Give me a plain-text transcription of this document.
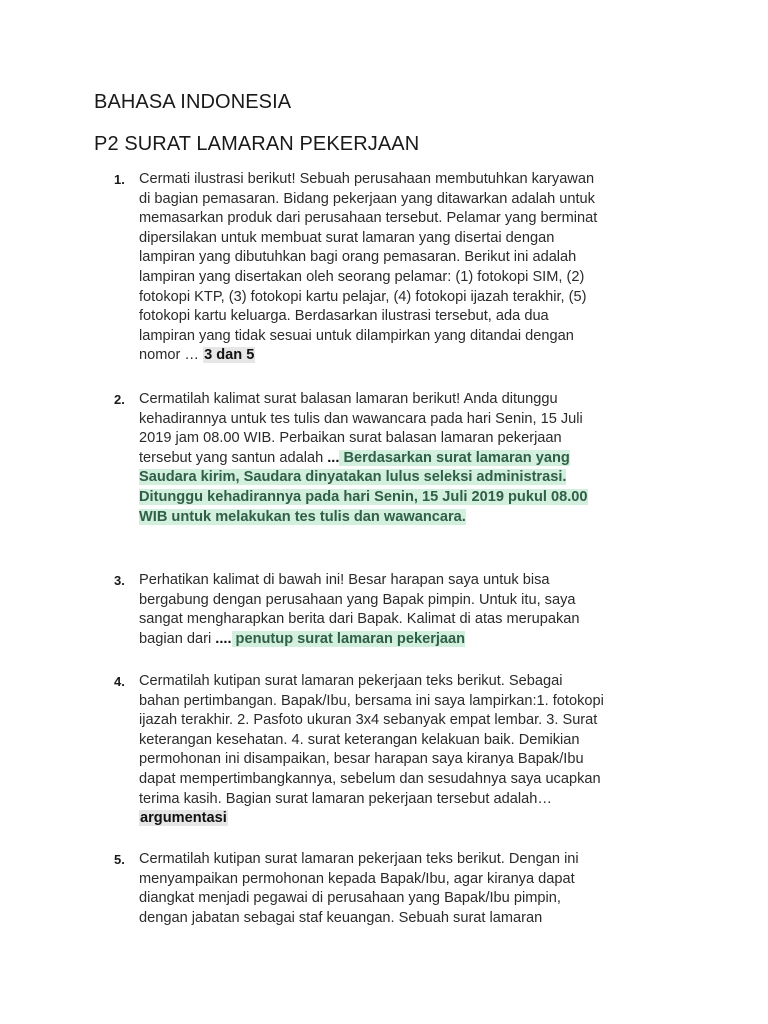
BAHASA INDONESIA
P2 SURAT LAMARAN PEKERJAAN
1. Cermati ilustrasi berikut! Sebuah perusahaan membutuhkan karyawan
di bagian pemasaran. Bidang pekerjaan yang ditawarkan adalah untuk
memasarkan produk dari perusahaan tersebut. Pelamar yang berminat
dipersilakan untuk membuat surat lamaran yang disertai dengan
lampiran yang dibutuhkan bagi orang pemasaran. Berikut ini adalah
lampiran yang disertakan oleh seorang pelamar: (1) fotokopi SIM, (2)
fotokopi KTP, (3) fotokopi kartu pelajar, (4) fotokopi ijazah terakhir, (5)
fotokopi kartu keluarga. Berdasarkan ilustrasi tersebut, ada dua
lampiran yang tidak sesuai untuk dilampirkan yang ditandai dengan
nomor … 3 dan 5
2. Cermatilah kalimat surat balasan lamaran berikut! Anda ditunggu
kehadirannya untuk tes tulis dan wawancara pada hari Senin, 15 Juli
2019 jam 08.00 WIB. Perbaikan surat balasan lamaran pekerjaan
tersebut yang santun adalah ... Berdasarkan surat lamaran yang
Saudara kirim, Saudara dinyatakan lulus seleksi administrasi.
Ditunggu kehadirannya pada hari Senin, 15 Juli 2019 pukul 08.00
WIB untuk melakukan tes tulis dan wawancara.
3. Perhatikan kalimat di bawah ini! Besar harapan saya untuk bisa
bergabung dengan perusahaan yang Bapak pimpin. Untuk itu, saya
sangat mengharapkan berita dari Bapak. Kalimat di atas merupakan
bagian dari .... penutup surat lamaran pekerjaan
4. Cermatilah kutipan surat lamaran pekerjaan teks berikut. Sebagai
bahan pertimbangan. Bapak/Ibu, bersama ini saya lampirkan:1. fotokopi
ijazah terakhir. 2. Pasfoto ukuran 3x4 sebanyak empat lembar. 3. Surat
keterangan kesehatan. 4. surat keterangan kelakuan baik. Demikian
permohonan ini disampaikan, besar harapan saya kiranya Bapak/Ibu
dapat mempertimbangkannya, sebelum dan sesudahnya saya ucapkan
terima kasih. Bagian surat lamaran pekerjaan tersebut adalah…
argumentasi
5. Cermatilah kutipan surat lamaran pekerjaan teks berikut. Dengan ini
menyampaikan permohonan kepada Bapak/Ibu, agar kiranya dapat
diangkat menjadi pegawai di perusahaan yang Bapak/Ibu pimpin,
dengan jabatan sebagai staf keuangan. Sebuah surat lamaran
